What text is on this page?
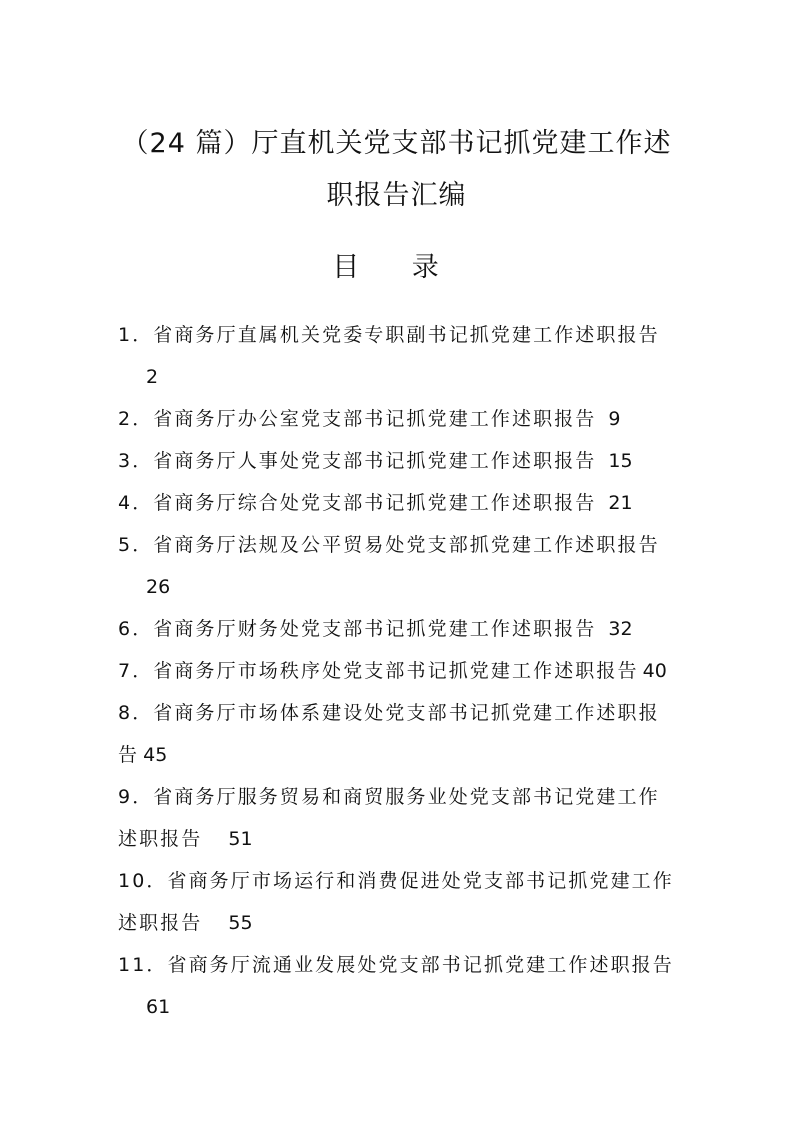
（24 篇）厅直机关党支部书记抓党建工作述
职报告汇编
目 录
1．省商务厅直属机关党委专职副书记抓党建工作述职报告
2
2．省商务厅办公室党支部书记抓党建工作述职报告 9
3．省商务厅人事处党支部书记抓党建工作述职报告 15
4．省商务厅综合处党支部书记抓党建工作述职报告 21
5．省商务厅法规及公平贸易处党支部抓党建工作述职报告
26
6．省商务厅财务处党支部书记抓党建工作述职报告 32
7．省商务厅市场秩序处党支部书记抓党建工作述职报告 40
8．省商务厅市场体系建设处党支部书记抓党建工作述职报
告 45
9．省商务厅服务贸易和商贸服务业处党支部书记党建工作
述职报告 51
10．省商务厅市场运行和消费促进处党支部书记抓党建工作
述职报告 55
11．省商务厅流通业发展处党支部书记抓党建工作述职报告
61
